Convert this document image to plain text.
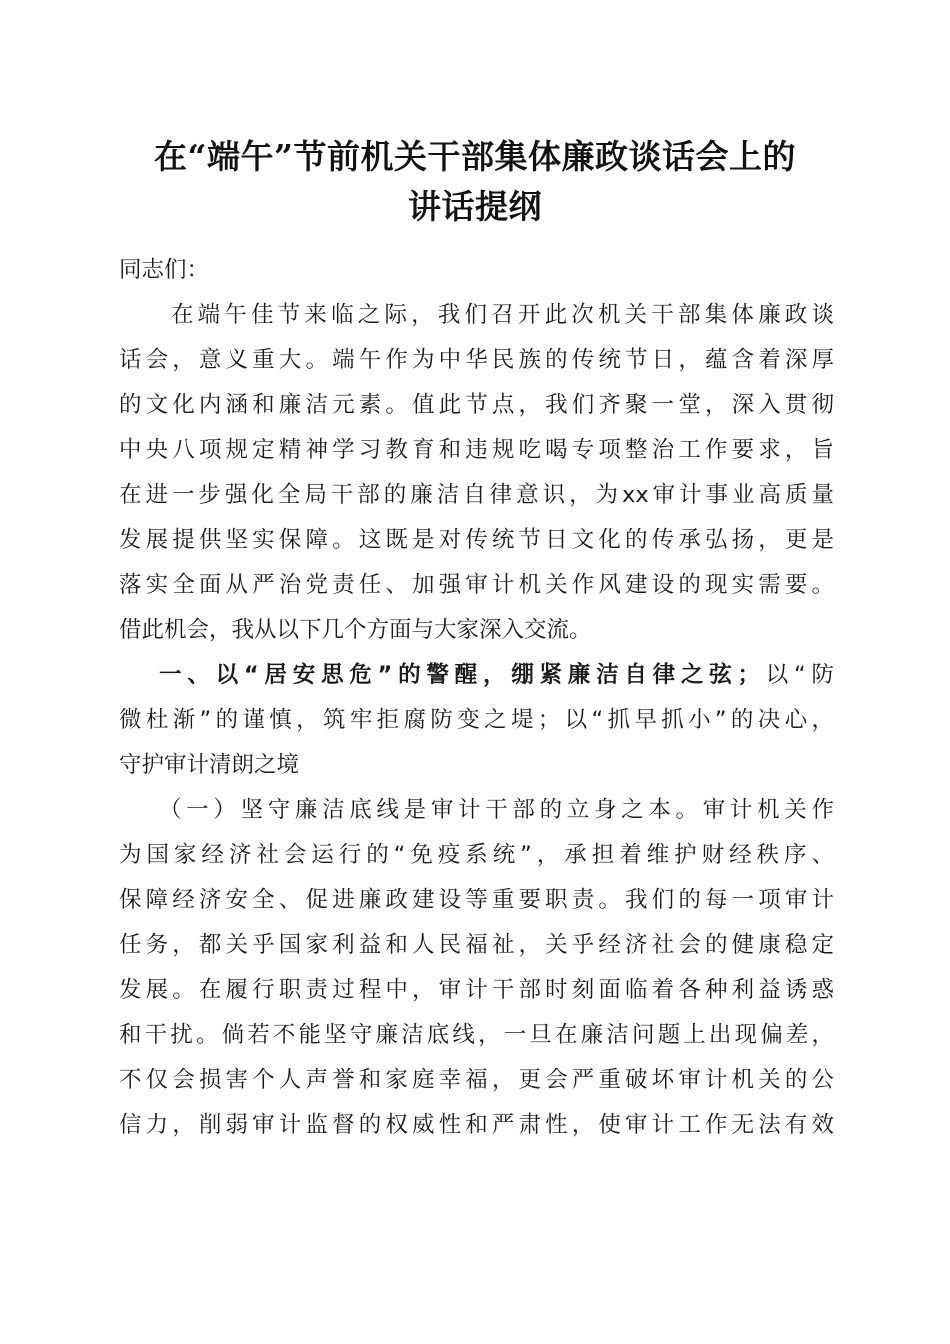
在“端午”节前机关干部集体廉政谈话会上的
讲话提纲
同志们：
在端午佳节来临之际，我们召开此次机关干部集体廉政谈
话会，意义重大。端午作为中华民族的传统节日，蕴含着深厚
的文化内涵和廉洁元素。值此节点，我们齐聚一堂，深入贯彻
中央八项规定精神学习教育和违规吃喝专项整治工作要求，旨
在进一步强化全局干部的廉洁自律意识，为xx审计事业高质量
发展提供坚实保障。这既是对传统节日文化的传承弘扬，更是
落实全面从严治党责任、加强审计机关作风建设的现实需要。
借此机会，我从以下几个方面与大家深入交流。
一、以“居安思危”的警醒，绷紧廉洁自律之弦；以“防
微杜渐”的谨慎，筑牢拒腐防变之堤；以“抓早抓小”的决心，
守护审计清朗之境
（一）坚守廉洁底线是审计干部的立身之本。审计机关作
为国家经济社会运行的“免疫系统”，承担着维护财经秩序、
保障经济安全、促进廉政建设等重要职责。我们的每一项审计
任务，都关乎国家利益和人民福祉，关乎经济社会的健康稳定
发展。在履行职责过程中，审计干部时刻面临着各种利益诱惑
和干扰。倘若不能坚守廉洁底线，一旦在廉洁问题上出现偏差，
不仅会损害个人声誉和家庭幸福，更会严重破坏审计机关的公
信力，削弱审计监督的权威性和严肃性，使审计工作无法有效
